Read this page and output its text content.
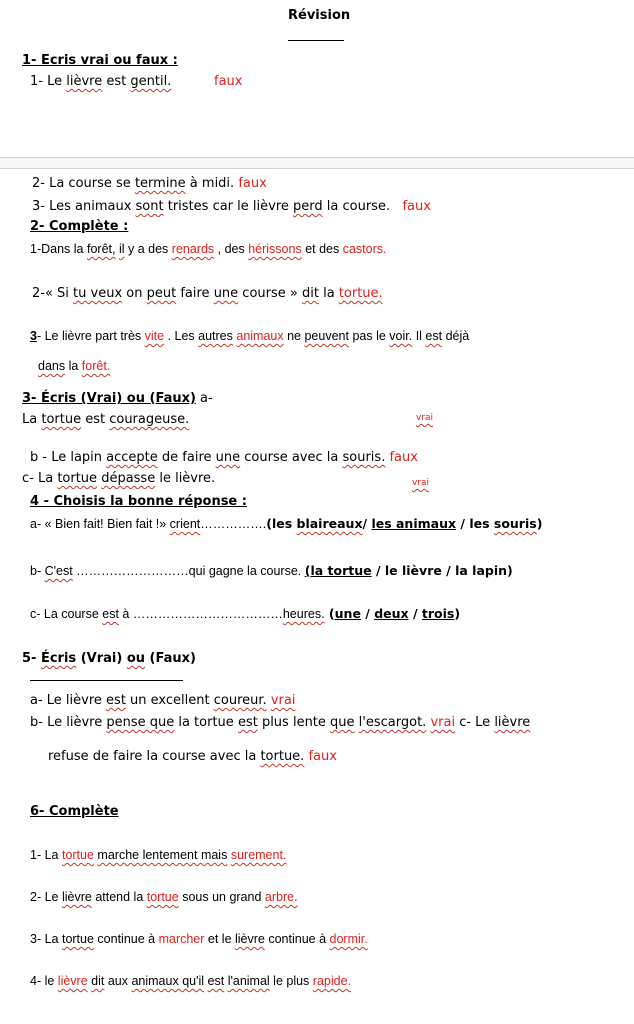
Révision
1- Ecris vrai ou faux :
1- Le lièvre est gentil.	faux
2- La course se termine à midi. faux
3- Les animaux sont tristes car le lièvre perd la course. faux
2- Complète :
1-Dans la forêt, il y a des renards , des hérissons et des castors.
2-« Si tu veux on peut faire une course » dit la tortue.
3- Le lièvre part très vite . Les autres animaux ne peuvent pas le voir. Il est déjà
dans la forêt.
3- Écris (Vrai) ou (Faux) a-
La tortue est courageuse.	vrai
b - Le lapin accepte de faire une course avec la souris. faux
c- La tortue dépasse le lièvre.	vrai
4 - Choisis la bonne réponse :
a- « Bien fait! Bien fait !» crient…………….(les blaireaux/ les animaux / les souris)
b- C'est ………………………qui gagne la course. (la tortue / le lièvre / la lapin)
c- La course est à ………………………………heures. (une / deux / trois)
5- Écris (Vrai) ou (Faux)
a- Le lièvre est un excellent coureur. vrai
b- Le lièvre pense que la tortue est plus lente que l'escargot. vrai c- Le lièvre
refuse de faire la course avec la tortue. faux
6- Complète
1- La tortue marche lentement mais surement.
2- Le lièvre attend la tortue sous un grand arbre.
3- La tortue continue à marcher et le lièvre continue à dormir.
4- le lièvre dit aux animaux qu'il est l'animal le plus rapide.
